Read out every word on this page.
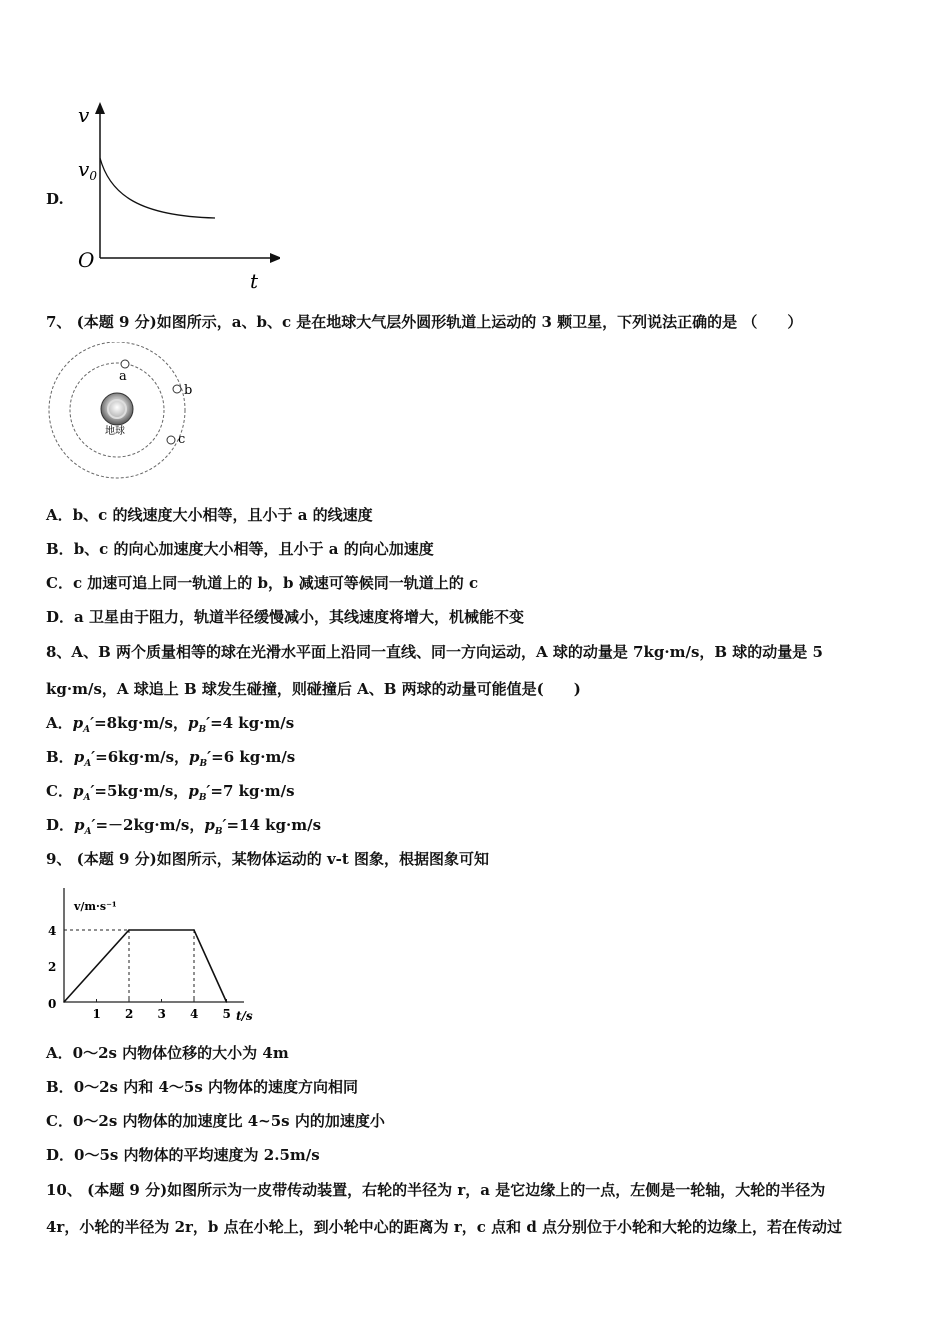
D.
v
$v_0$
O
t
7、 (本题 9 分)如图所示，a、b、c 是在地球大气层外圆形轨道上运动的 3 颗卫星，下列说法正确的是 （　　）
地球
a
b
c
A．b、c 的线速度大小相等，且小于 a 的线速度
B．b、c 的向心加速度大小相等，且小于 a 的向心加速度
C．c 加速可追上同一轨道上的 b，b 减速可等候同一轨道上的 c
D．a 卫星由于阻力，轨道半径缓慢减小，其线速度将增大，机械能不变
8、A、B 两个质量相等的球在光滑水平面上沿同一直线、同一方向运动，A 球的动量是 7kg·m/s，B 球的动量是 5
kg·m/s，A 球追上 B 球发生碰撞，则碰撞后 A、B 两球的动量可能值是(　　)
A．$p_A'=8kg\cdot m/s$，$p_B'=4$ kg·m/s
B．$p_A'=6kg\cdot m/s$，$p_B'=6$ kg·m/s
C．$p_A'=5kg\cdot m/s$，$p_B'=7$ kg·m/s
D．$p_A'=-2kg\cdot m/s$，$p_B'=14$ kg·m/s
9、 (本题 9 分)如图所示，某物体运动的 v-t 图象，根据图象可知
v/m·s⁻¹
t/s
1 2 3 4 5
0
2
4
A．0～2s 内物体位移的大小为 4m
B．0～2s 内和 4～5s 内物体的速度方向相同
C．0～2s 内物体的加速度比 4~5s 内的加速度小
D．0～5s 内物体的平均速度为 2.5m/s
10、 (本题 9 分)如图所示为一皮带传动装置，右轮的半径为 r，a 是它边缘上的一点，左侧是一轮轴，大轮的半径为
4r，小轮的半径为 2r，b 点在小轮上，到小轮中心的距离为 r，c 点和 d 点分别位于小轮和大轮的边缘上，若在传动过
